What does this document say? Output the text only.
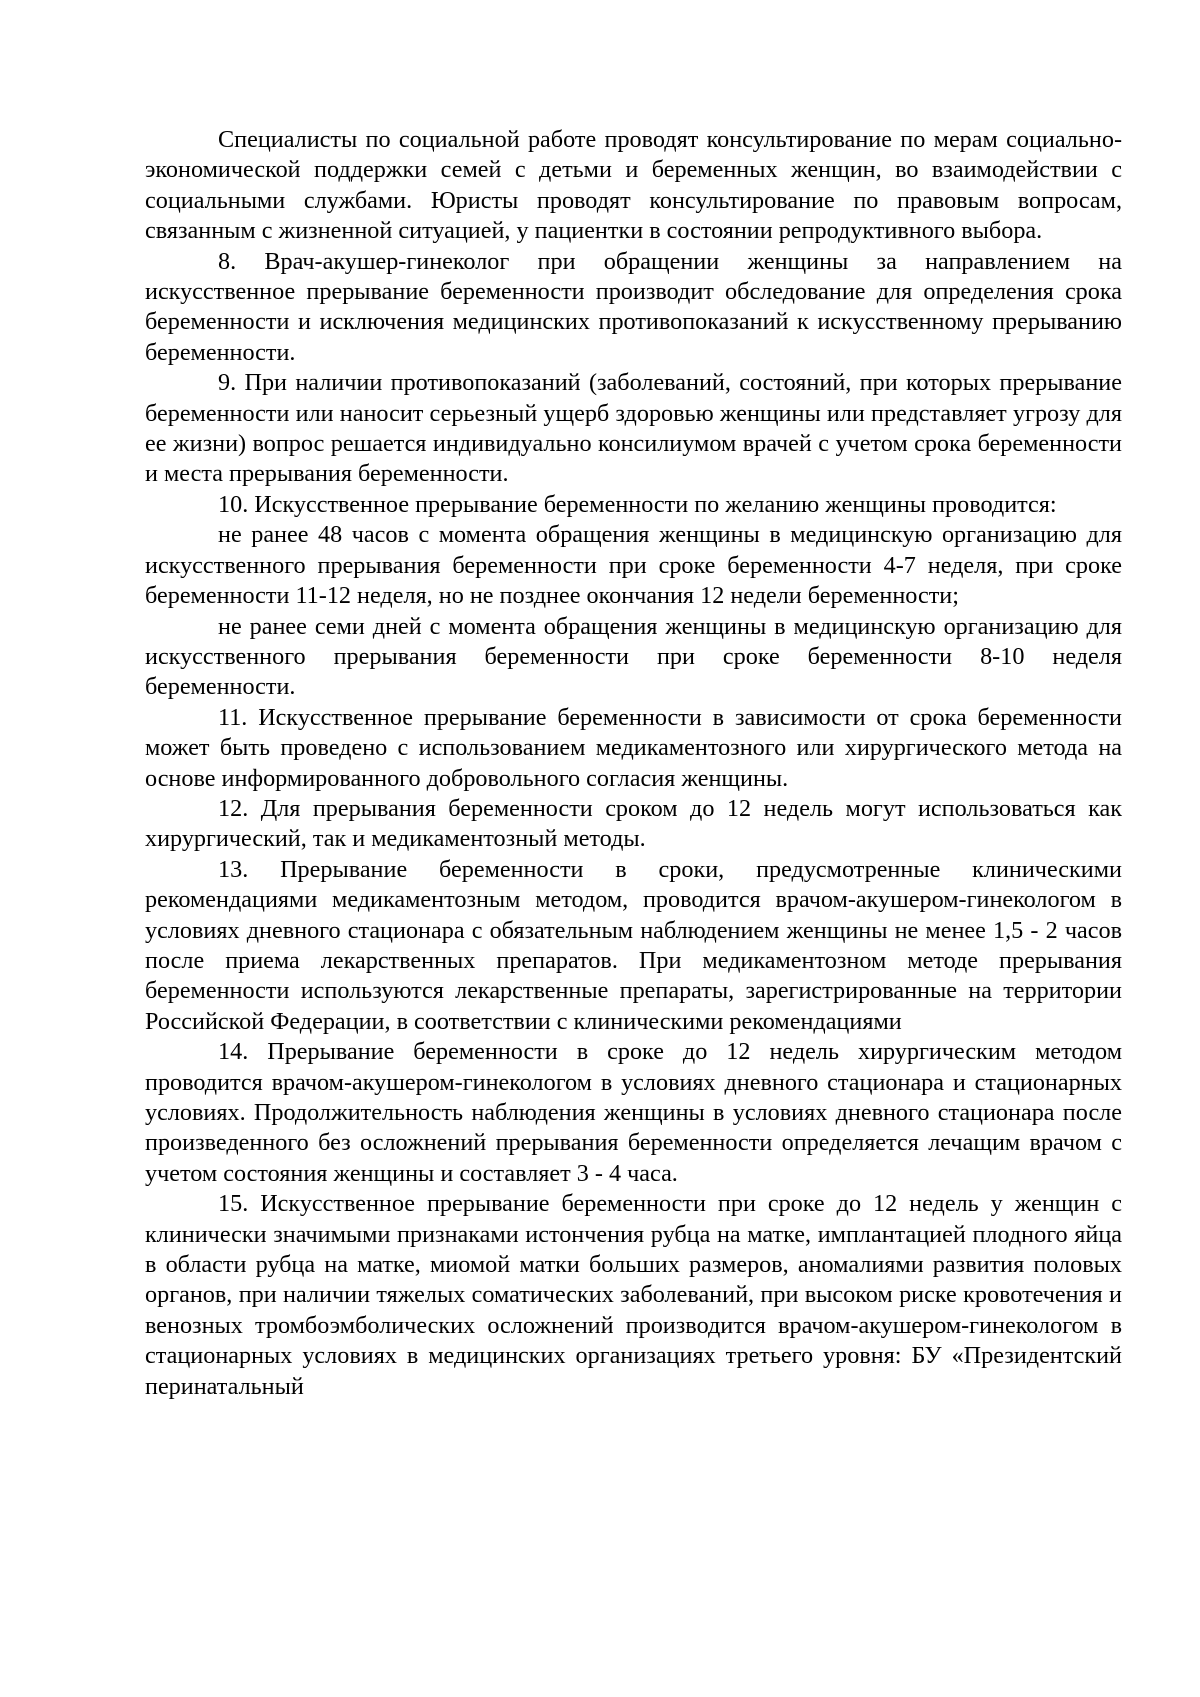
Специалисты по социальной работе проводят консультирование по мерам социально-экономической поддержки семей с детьми и беременных женщин, во взаимодействии с социальными службами. Юристы проводят консультирование по правовым вопросам, связанным с жизненной ситуацией, у пациентки в состоянии репродуктивного выбора.

8. Врач-акушер-гинеколог при обращении женщины за направлением на искусственное прерывание беременности производит обследование для определения срока беременности и исключения медицинских противопоказаний к искусственному прерыванию беременности.

9. При наличии противопоказаний (заболеваний, состояний, при которых прерывание беременности или наносит серьезный ущерб здоровью женщины или представляет угрозу для ее жизни) вопрос решается индивидуально консилиумом врачей с учетом срока беременности и места прерывания беременности.

10. Искусственное прерывание беременности по желанию женщины проводится:

не ранее 48 часов с момента обращения женщины в медицинскую организацию для искусственного прерывания беременности при сроке беременности 4-7 неделя, при сроке беременности 11-12 неделя, но не позднее окончания 12 недели беременности;

не ранее семи дней с момента обращения женщины в медицинскую организацию для искусственного прерывания беременности при сроке беременности 8-10 неделя беременности.

11. Искусственное прерывание беременности в зависимости от срока беременности может быть проведено с использованием медикаментозного или хирургического метода на основе информированного добровольного согласия женщины.

12. Для прерывания беременности сроком до 12 недель могут использоваться как хирургический, так и медикаментозный методы.

13. Прерывание беременности в сроки, предусмотренные клиническими рекомендациями медикаментозным методом, проводится врачом-акушером-гинекологом в условиях дневного стационара с обязательным наблюдением женщины не менее 1,5 - 2 часов после приема лекарственных препаратов. При медикаментозном методе прерывания беременности используются лекарственные препараты, зарегистрированные на территории Российской Федерации, в соответствии с клиническими рекомендациями

14. Прерывание беременности в сроке до 12 недель хирургическим методом проводится врачом-акушером-гинекологом в условиях дневного стационара и стационарных условиях. Продолжительность наблюдения женщины в условиях дневного стационара после произведенного без осложнений прерывания беременности определяется лечащим врачом с учетом состояния женщины и составляет 3 - 4 часа.

15. Искусственное прерывание беременности при сроке до 12 недель у женщин с клинически значимыми признаками истончения рубца на матке, имплантацией плодного яйца в области рубца на матке, миомой матки больших размеров, аномалиями развития половых органов, при наличии тяжелых соматических заболеваний, при высоком риске кровотечения и венозных тромбоэмболических осложнений производится врачом-акушером-гинекологом в стационарных условиях в медицинских организациях третьего уровня: БУ «Президентский перинатальный
